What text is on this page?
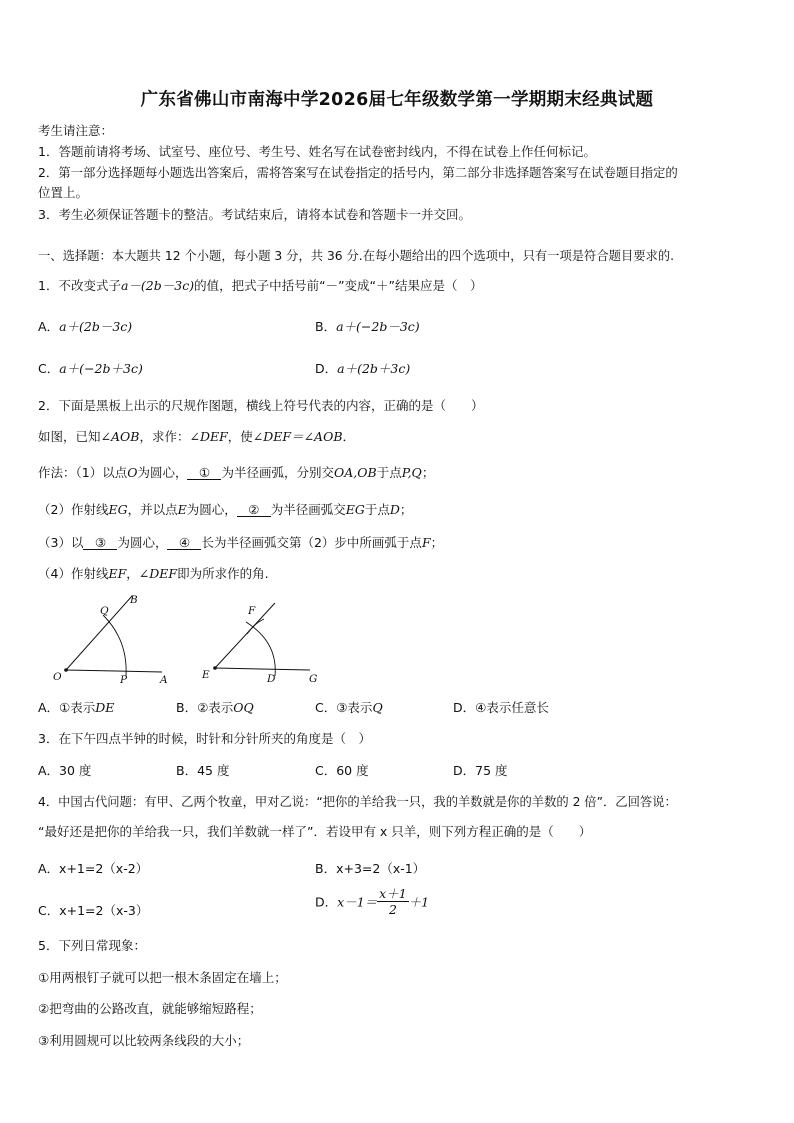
广东省佛山市南海中学2026届七年级数学第一学期期末经典试题
考生请注意：
1．答题前请将考场、试室号、座位号、考生号、姓名写在试卷密封线内，不得在试卷上作任何标记。
2．第一部分选择题每小题选出答案后，需将答案写在试卷指定的括号内，第二部分非选择题答案写在试卷题目指定的
位置上。
3．考生必须保证答题卡的整洁。考试结束后，请将本试卷和答题卡一并交回。
一、选择题：本大题共 12 个小题，每小题 3 分，共 36 分.在每小题给出的四个选项中，只有一项是符合题目要求的.
1．不改变式子a－(2b－3c)的值，把式子中括号前“－”变成“＋”结果应是（　）
A．a＋(2b－3c)	B．a＋(−2b－3c)
C．a＋(−2b＋3c)	D．a＋(2b＋3c)
2．下面是黑板上出示的尺规作图题，横线上符号代表的内容，正确的是（　　）
如图，已知∠AOB，求作：∠DEF，使∠DEF＝∠AOB．
作法：（1）以点O为圆心， ① 为半径画弧，分别交OA,OB于点P,Q；
（2）作射线EG，并以点E为圆心， ② 为半径画弧交EG于点D；
（3）以 ③ 为圆心， ④ 长为半径画弧交第（2）步中所画弧于点F；
（4）作射线EF，∠DEF即为所求作的角.
O	P	A
Q
B
E	D	G
F
A．①表示DE	B．②表示OQ	C．③表示Q	D．④表示任意长
3．在下午四点半钟的时候，时针和分针所夹的角度是（　）
A．30 度	B．45 度	C．60 度	D．75 度
4．中国古代问题：有甲、乙两个牧童，甲对乙说：“把你的羊给我一只，我的羊数就是你的羊数的 2 倍”．乙回答说：
“最好还是把你的羊给我一只，我们羊数就一样了”．若设甲有 x 只羊，则下列方程正确的是（　　）
A．x+1=2（x-2）	B．x+3=2（x-1）
C．x+1=2（x-3）
D．$x-1= \frac{x+1}{2} +1$
5．下列日常现象：
①用两根钉子就可以把一根木条固定在墙上；
②把弯曲的公路改直，就能够缩短路程；
③利用圆规可以比较两条线段的大小；
